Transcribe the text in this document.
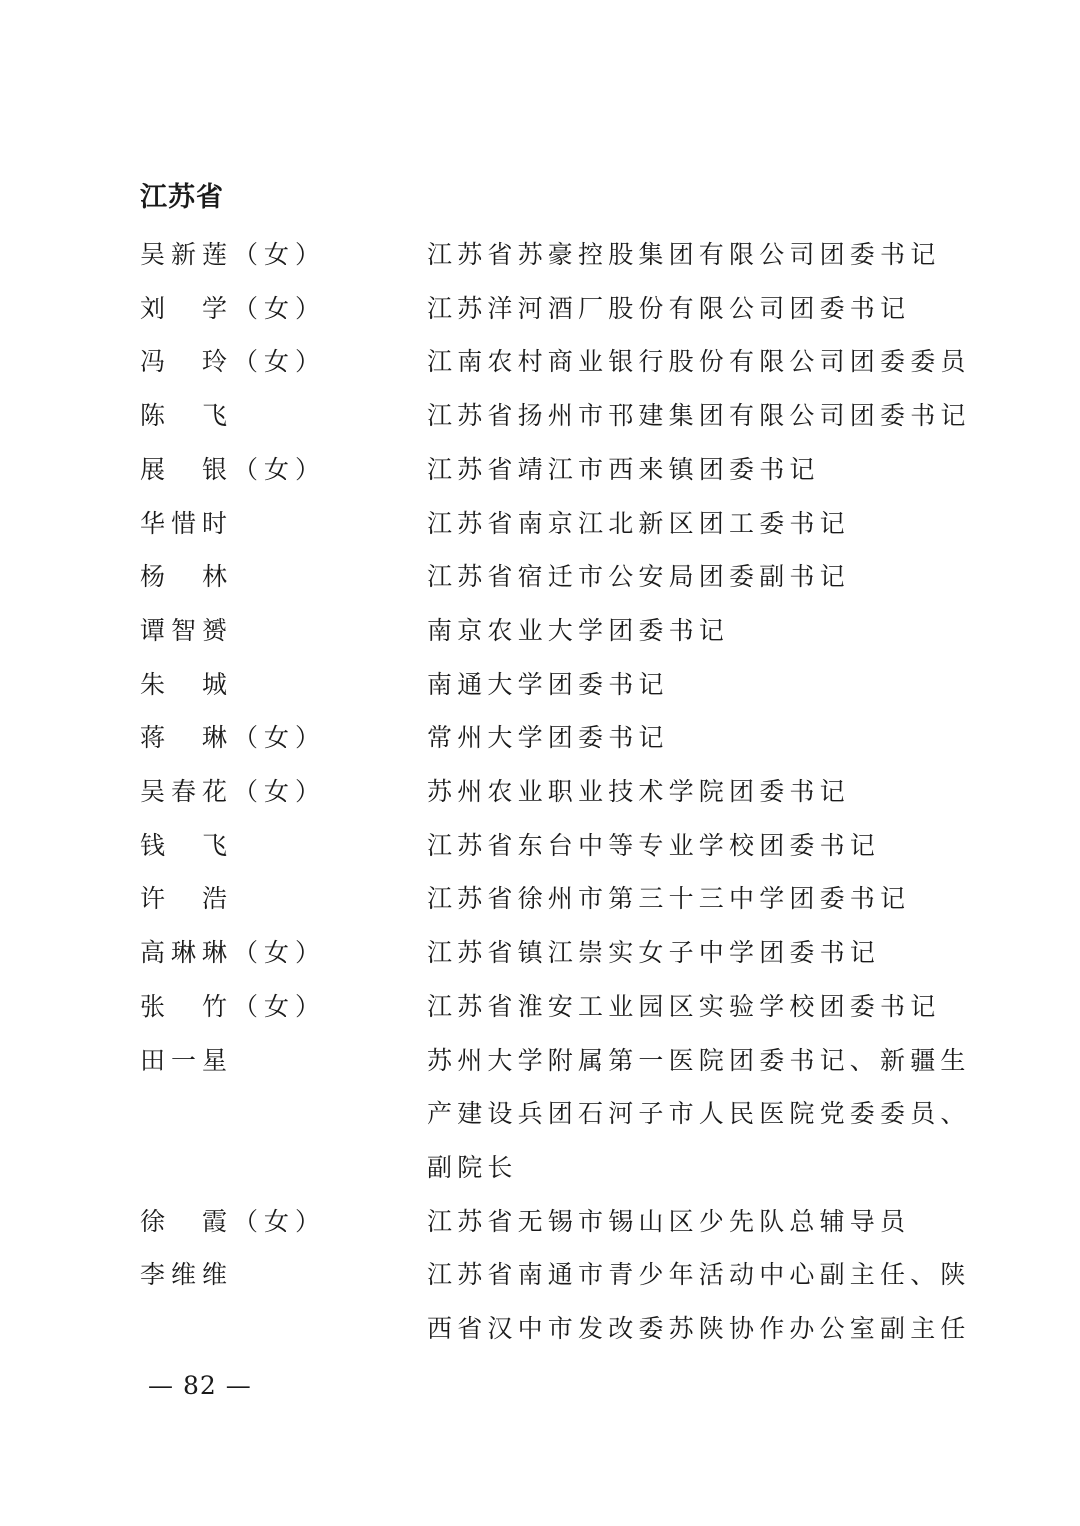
江苏省
吴新莲（女）	江苏省苏豪控股集团有限公司团委书记
刘　学（女）	江苏洋河酒厂股份有限公司团委书记
冯　玲（女）	江南农村商业银行股份有限公司团委委员
陈　飞	江苏省扬州市邗建集团有限公司团委书记
展　银（女）	江苏省靖江市西来镇团委书记
华惜时	江苏省南京江北新区团工委书记
杨　林	江苏省宿迁市公安局团委副书记
谭智赟	南京农业大学团委书记
朱　城	南通大学团委书记
蒋　琳（女）	常州大学团委书记
吴春花（女）	苏州农业职业技术学院团委书记
钱　飞	江苏省东台中等专业学校团委书记
许　浩	江苏省徐州市第三十三中学团委书记
高琳琳（女）	江苏省镇江崇实女子中学团委书记
张　竹（女）	江苏省淮安工业园区实验学校团委书记
田一星	苏州大学附属第一医院团委书记、新疆生
产建设兵团石河子市人民医院党委委员、
副院长
徐　霞（女）	江苏省无锡市锡山区少先队总辅导员
李维维	江苏省南通市青少年活动中心副主任、陕
西省汉中市发改委苏陕协作办公室副主任
— 82 —
